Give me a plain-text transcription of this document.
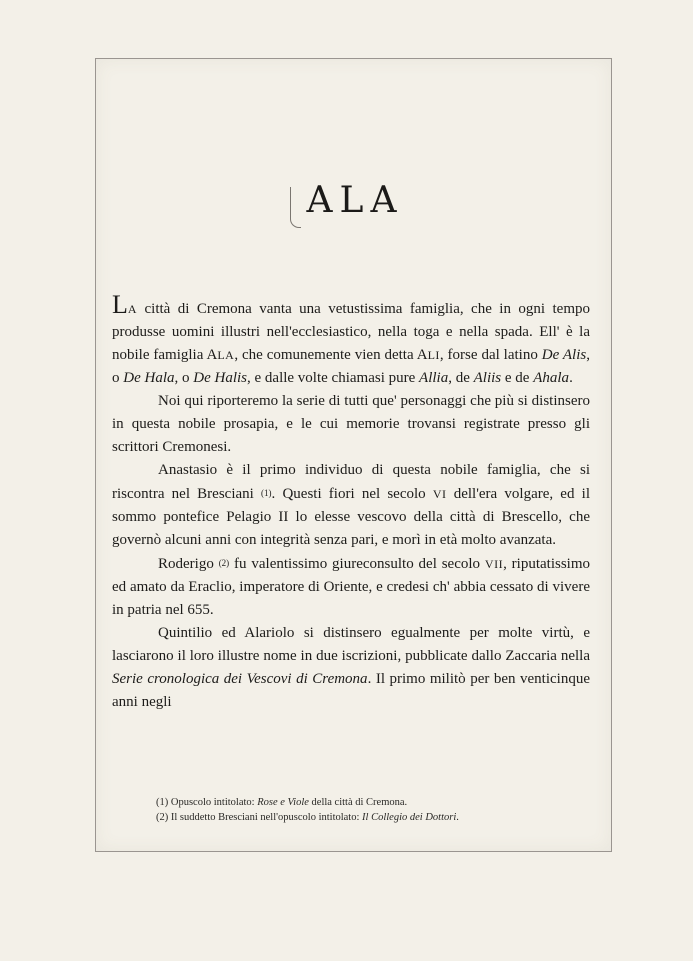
ALA

LA città di Cremona vanta una vetustissima famiglia, che in ogni tempo produsse uomini illustri nell'ecclesiastico, nella toga e nella spada. Ell' è la nobile famiglia ALA, che comunemente vien detta ALI, forse dal latino De Alis, o De Hala, o De Halis, e dalle volte chiamasi pure Allia, de Aliis e de Ahala.

Noi qui riporteremo la serie di tutti que' personaggi che più si distinsero in questa nobile prosapia, e le cui memorie trovansi registrate presso gli scrittori Cremonesi.

Anastasio è il primo individuo di questa nobile famiglia, che si riscontra nel Bresciani $^{(1)}$. Questi fiori nel secolo VI dell'era volgare, ed il sommo pontefice Pelagio II lo elesse vescovo della città di Brescello, che governò alcuni anni con integrità senza pari, e morì in età molto avanzata.

Roderigo $^{(2)}$ fu valentissimo giureconsulto del secolo VII, riputatissimo ed amato da Eraclio, imperatore di Oriente, e credesi ch' abbia cessato di vivere in patria nel 655.

Quintilio ed Alariolo si distinsero egualmente per molte virtù, e lasciarono il loro illustre nome in due iscrizioni, pubblicate dallo Zaccaria nella Serie cronologica dei Vescovi di Cremona. Il primo militò per ben venticinque anni negli

(1) Opuscolo intitolato: Rose e Viole della città di Cremona.
(2) Il suddetto Bresciani nell'opuscolo intitolato: Il Collegio dei Dottori.
